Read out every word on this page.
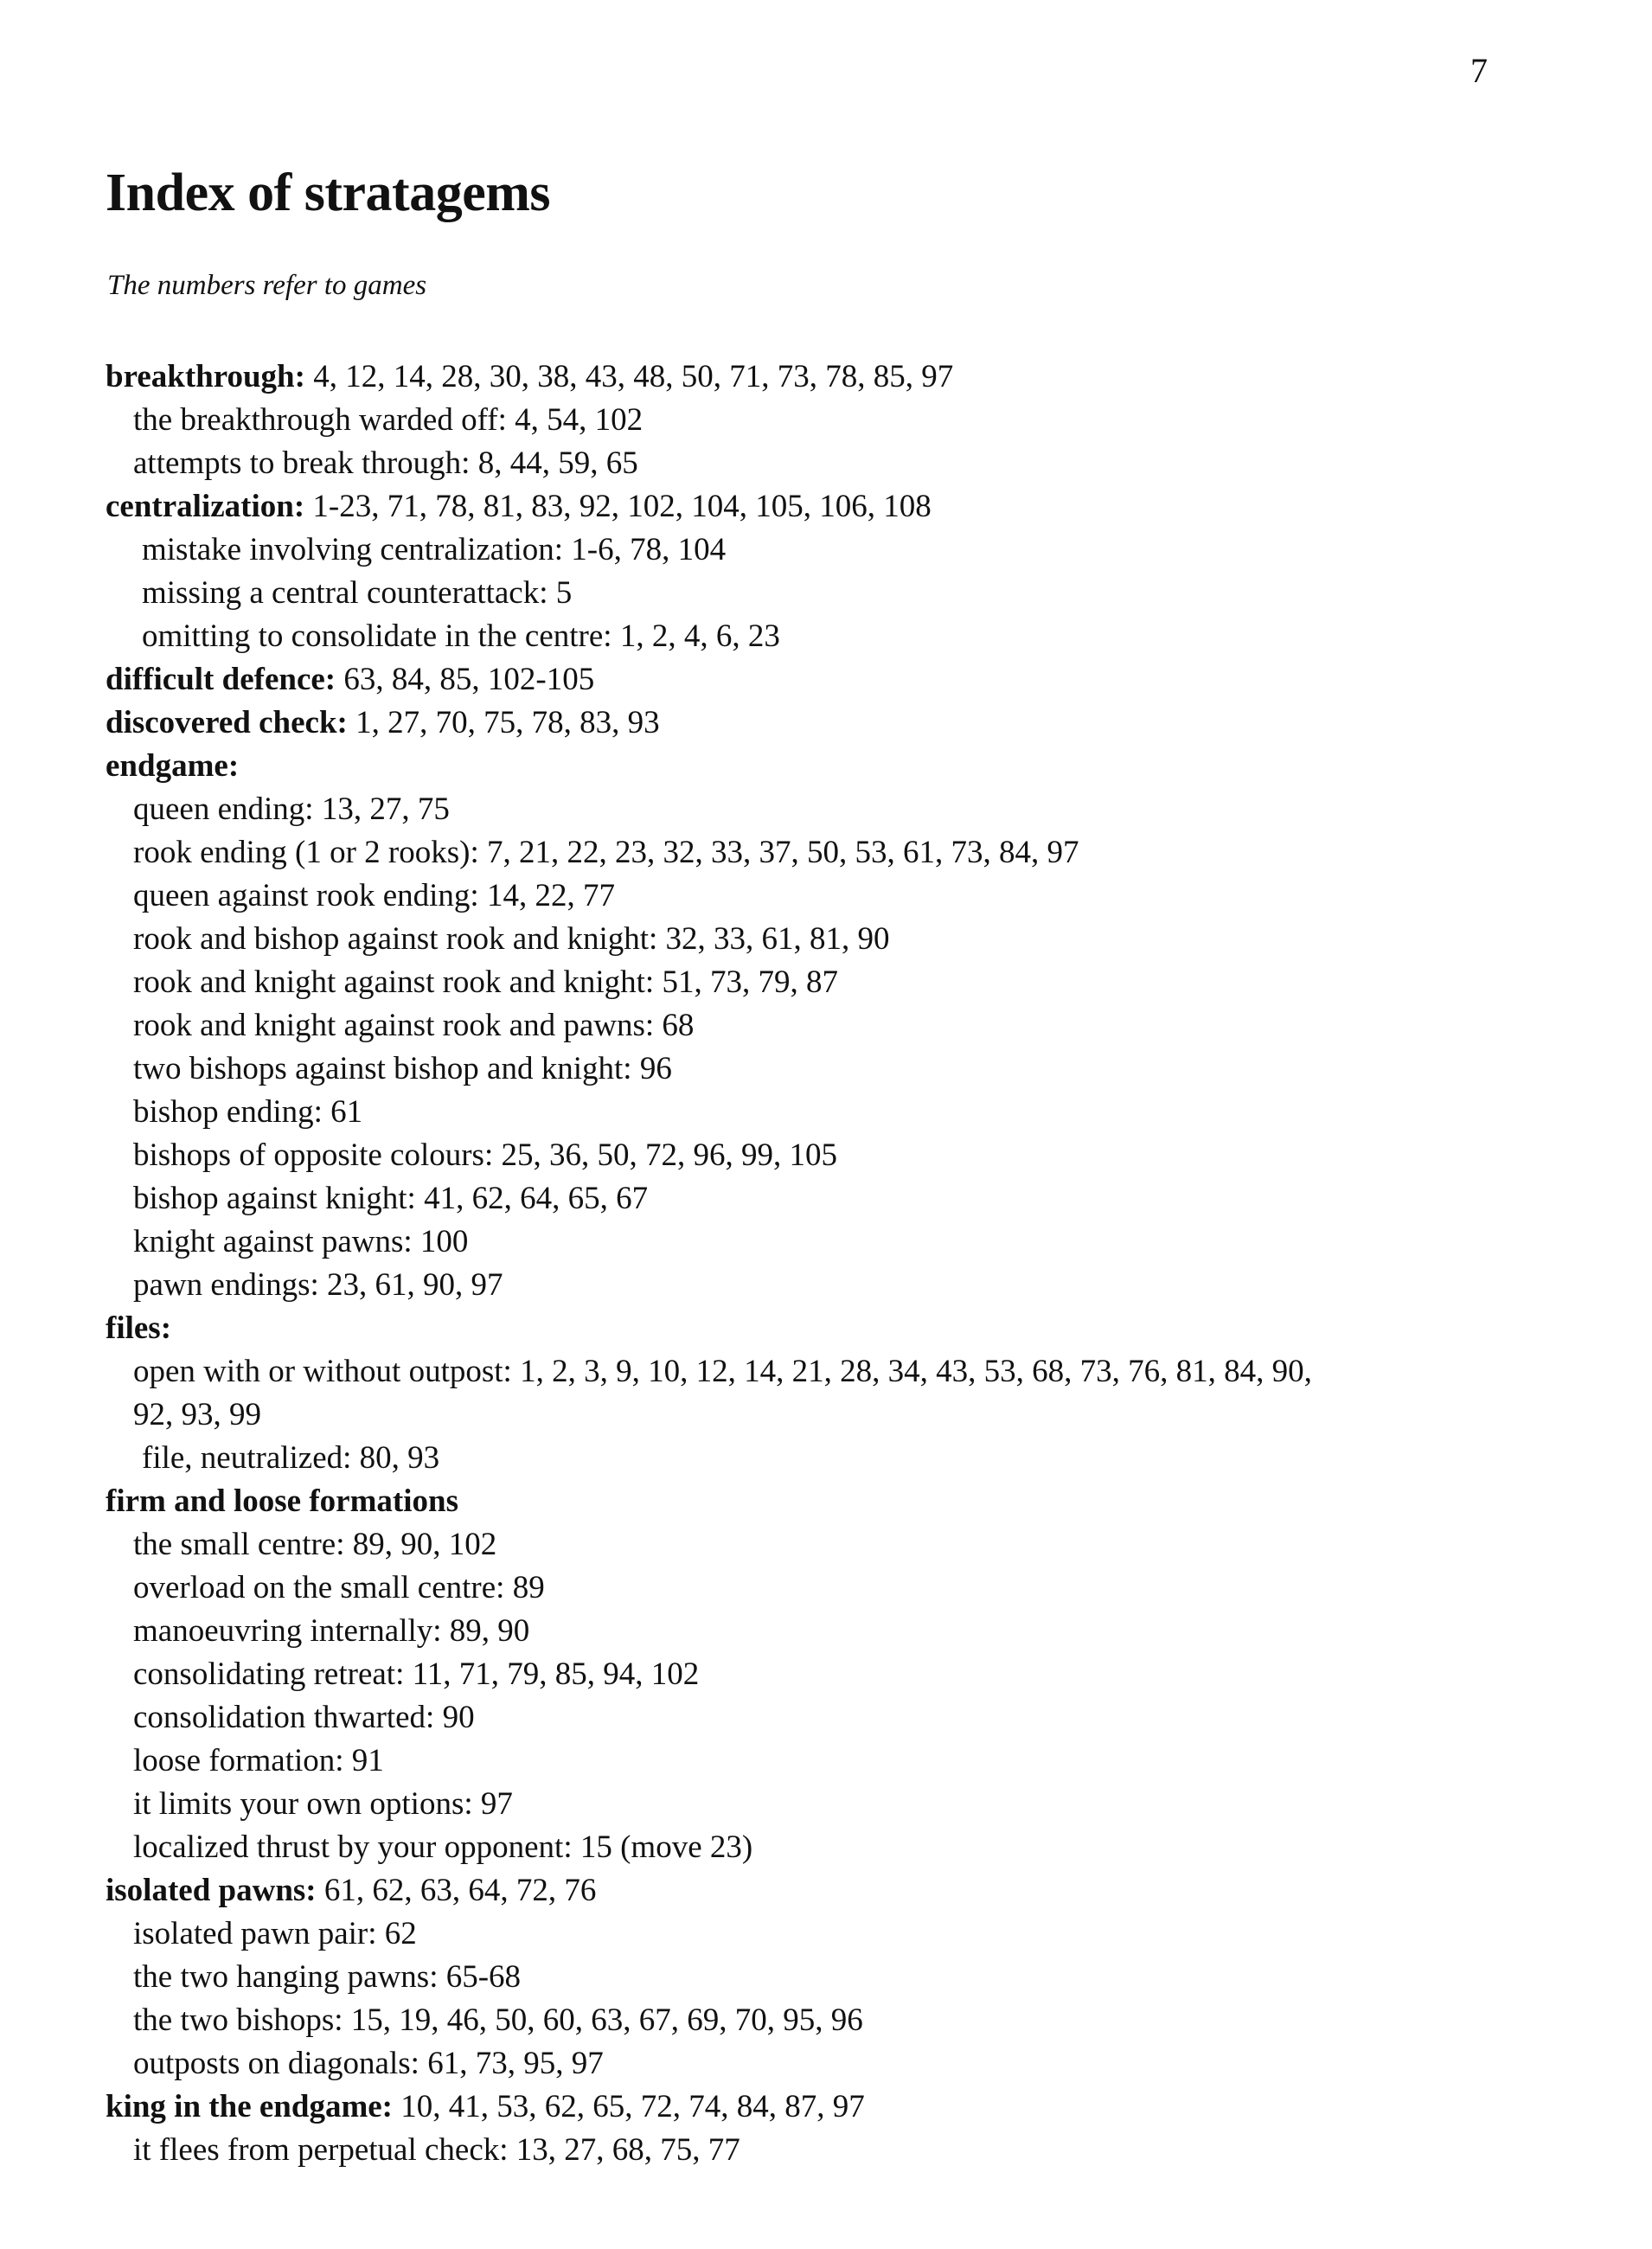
7
Index of stratagems
The numbers refer to games
breakthrough: 4, 12, 14, 28, 30, 38, 43, 48, 50, 71, 73, 78, 85, 97
the breakthrough warded off: 4, 54, 102
attempts to break through: 8, 44, 59, 65
centralization: 1-23, 71, 78, 81, 83, 92, 102, 104, 105, 106, 108
mistake involving centralization: 1-6, 78, 104
missing a central counterattack: 5
omitting to consolidate in the centre: 1, 2, 4, 6, 23
difficult defence: 63, 84, 85, 102-105
discovered check: 1, 27, 70, 75, 78, 83, 93
endgame:
queen ending: 13, 27, 75
rook ending (1 or 2 rooks): 7, 21, 22, 23, 32, 33, 37, 50, 53, 61, 73, 84, 97
queen against rook ending: 14, 22, 77
rook and bishop against rook and knight: 32, 33, 61, 81, 90
rook and knight against rook and knight: 51, 73, 79, 87
rook and knight against rook and pawns: 68
two bishops against bishop and knight: 96
bishop ending: 61
bishops of opposite colours: 25, 36, 50, 72, 96, 99, 105
bishop against knight: 41, 62, 64, 65, 67
knight against pawns: 100
pawn endings: 23, 61, 90, 97
files:
open with or without outpost: 1, 2, 3, 9, 10, 12, 14, 21, 28, 34, 43, 53, 68, 73, 76, 81, 84, 90,
92, 93, 99
file, neutralized: 80, 93
firm and loose formations
the small centre: 89, 90, 102
overload on the small centre: 89
manoeuvring internally: 89, 90
consolidating retreat: 11, 71, 79, 85, 94, 102
consolidation thwarted: 90
loose formation: 91
it limits your own options: 97
localized thrust by your opponent: 15 (move 23)
isolated pawns: 61, 62, 63, 64, 72, 76
isolated pawn pair: 62
the two hanging pawns: 65-68
the two bishops: 15, 19, 46, 50, 60, 63, 67, 69, 70, 95, 96
outposts on diagonals: 61, 73, 95, 97
king in the endgame: 10, 41, 53, 62, 65, 72, 74, 84, 87, 97
it flees from perpetual check: 13, 27, 68, 75, 77
